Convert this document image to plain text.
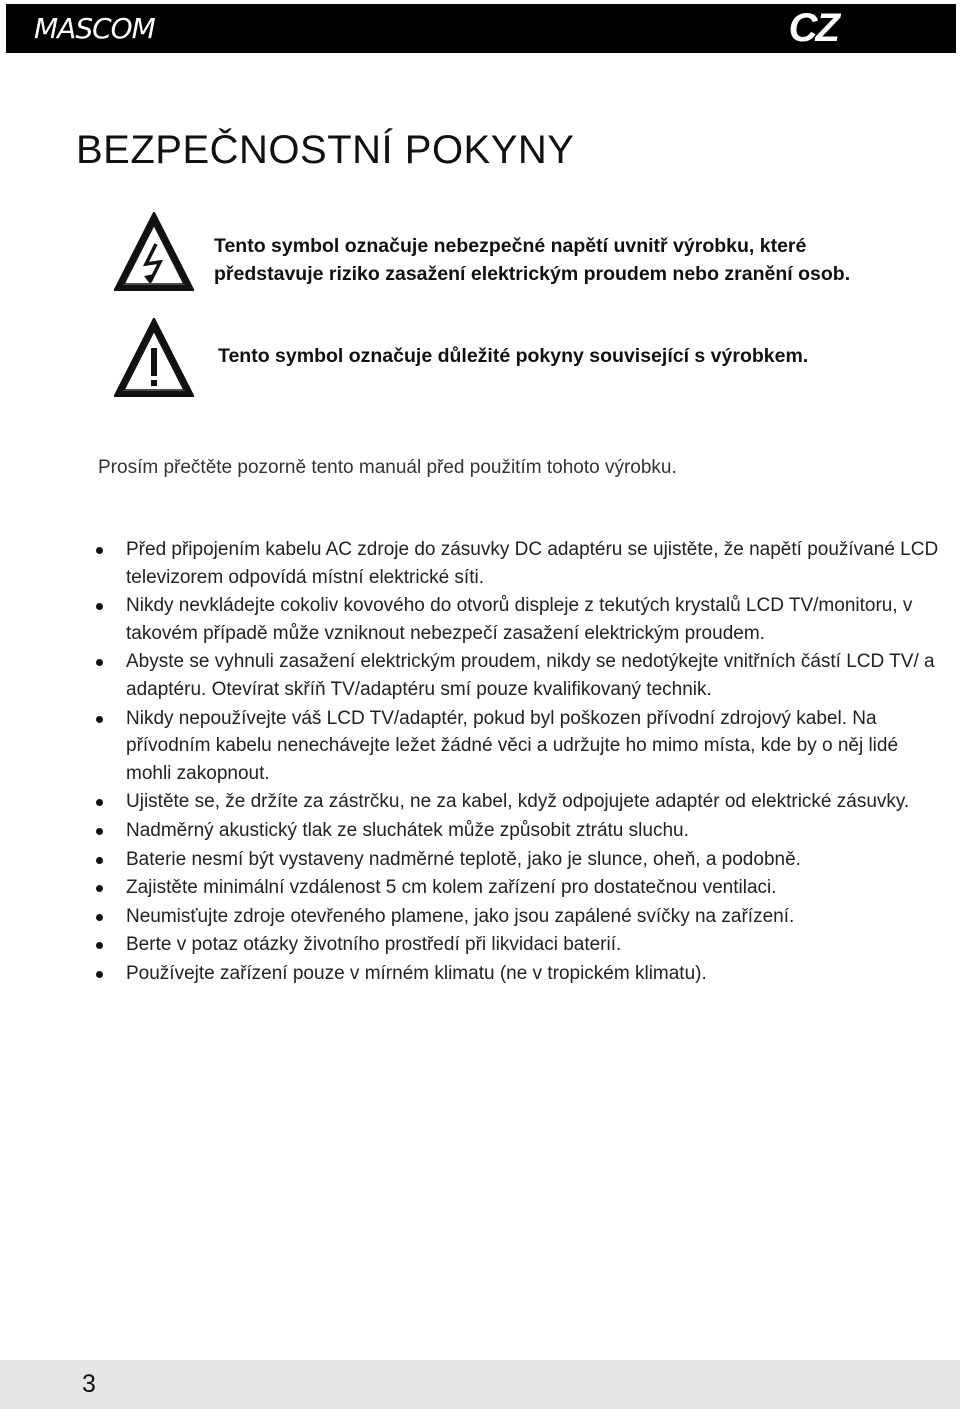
MASCOM	CZ
BEZPEČNOSTNÍ POKYNY
Tento symbol označuje nebezpečné napětí uvnitř výrobku, které
představuje riziko zasažení elektrickým proudem nebo zranění osob.
Tento symbol označuje důležité pokyny související s výrobkem.
Prosím přečtěte pozorně tento manuál před použitím tohoto výrobku.
Před připojením kabelu AC zdroje do zásuvky DC adaptéru se ujistěte, že napětí používané LCD televizorem odpovídá místní elektrické síti.
Nikdy nevkládejte cokoliv kovového do otvorů displeje z tekutých krystalů LCD TV/monitoru, v takovém případě může vzniknout nebezpečí zasažení elektrickým proudem.
Abyste se vyhnuli zasažení elektrickým proudem, nikdy se nedotýkejte vnitřních částí LCD TV/ a adaptéru. Otevírat skříň TV/adaptéru smí pouze kvalifikovaný technik.
Nikdy nepoužívejte váš LCD TV/adaptér, pokud byl poškozen přívodní zdrojový kabel. Na přívodním kabelu nenechávejte ležet žádné věci a udržujte ho mimo místa, kde by o něj lidé mohli zakopnout.
Ujistěte se, že držíte za zástrčku, ne za kabel, když odpojujete adaptér od elektrické zásuvky.
Nadměrný akustický tlak ze sluchátek může způsobit ztrátu sluchu.
Baterie nesmí být vystaveny nadměrné teplotě, jako je slunce, oheň, a podobně.
Zajistěte minimální vzdálenost 5 cm kolem zařízení pro dostatečnou ventilaci.
Neumisťujte zdroje otevřeného plamene, jako jsou zapálené svíčky na zařízení.
Berte v potaz otázky životního prostředí při likvidaci baterií.
Používejte zařízení pouze v mírném klimatu (ne v tropickém klimatu).
3
